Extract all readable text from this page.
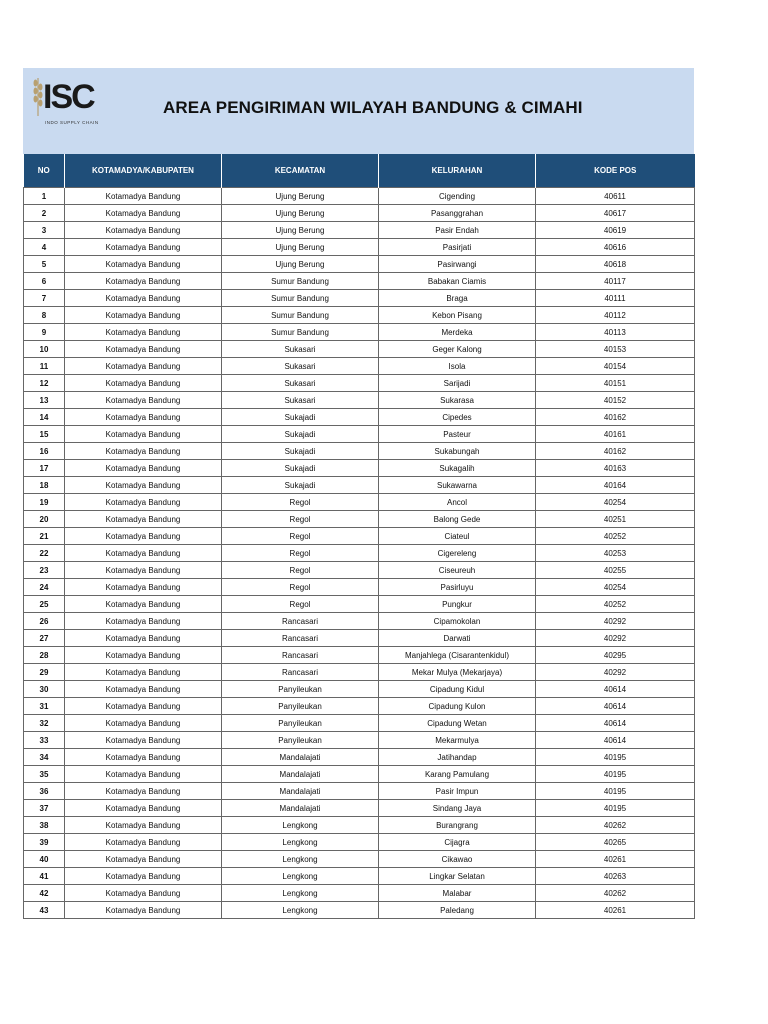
ISC
INDO SUPPLY CHAIN
AREA PENGIRIMAN WILAYAH BANDUNG & CIMAHI
NO	KOTAMADYA/KABUPATEN	KECAMATAN	KELURAHAN	KODE POS
1	Kotamadya Bandung	Ujung Berung	Cigending	40611
2	Kotamadya Bandung	Ujung Berung	Pasanggrahan	40617
3	Kotamadya Bandung	Ujung Berung	Pasir Endah	40619
4	Kotamadya Bandung	Ujung Berung	Pasirjati	40616
5	Kotamadya Bandung	Ujung Berung	Pasirwangi	40618
6	Kotamadya Bandung	Sumur Bandung	Babakan Ciamis	40117
7	Kotamadya Bandung	Sumur Bandung	Braga	40111
8	Kotamadya Bandung	Sumur Bandung	Kebon Pisang	40112
9	Kotamadya Bandung	Sumur Bandung	Merdeka	40113
10	Kotamadya Bandung	Sukasari	Geger Kalong	40153
11	Kotamadya Bandung	Sukasari	Isola	40154
12	Kotamadya Bandung	Sukasari	Sarijadi	40151
13	Kotamadya Bandung	Sukasari	Sukarasa	40152
14	Kotamadya Bandung	Sukajadi	Cipedes	40162
15	Kotamadya Bandung	Sukajadi	Pasteur	40161
16	Kotamadya Bandung	Sukajadi	Sukabungah	40162
17	Kotamadya Bandung	Sukajadi	Sukagalih	40163
18	Kotamadya Bandung	Sukajadi	Sukawarna	40164
19	Kotamadya Bandung	Regol	Ancol	40254
20	Kotamadya Bandung	Regol	Balong Gede	40251
21	Kotamadya Bandung	Regol	Ciateul	40252
22	Kotamadya Bandung	Regol	Cigereleng	40253
23	Kotamadya Bandung	Regol	Ciseureuh	40255
24	Kotamadya Bandung	Regol	Pasirluyu	40254
25	Kotamadya Bandung	Regol	Pungkur	40252
26	Kotamadya Bandung	Rancasari	Cipamokolan	40292
27	Kotamadya Bandung	Rancasari	Darwati	40292
28	Kotamadya Bandung	Rancasari	Manjahlega (Cisarantenkidul)	40295
29	Kotamadya Bandung	Rancasari	Mekar Mulya (Mekarjaya)	40292
30	Kotamadya Bandung	Panyileukan	Cipadung Kidul	40614
31	Kotamadya Bandung	Panyileukan	Cipadung Kulon	40614
32	Kotamadya Bandung	Panyileukan	Cipadung Wetan	40614
33	Kotamadya Bandung	Panyileukan	Mekarmulya	40614
34	Kotamadya Bandung	Mandalajati	Jatihandap	40195
35	Kotamadya Bandung	Mandalajati	Karang Pamulang	40195
36	Kotamadya Bandung	Mandalajati	Pasir Impun	40195
37	Kotamadya Bandung	Mandalajati	Sindang Jaya	40195
38	Kotamadya Bandung	Lengkong	Burangrang	40262
39	Kotamadya Bandung	Lengkong	Cijagra	40265
40	Kotamadya Bandung	Lengkong	Cikawao	40261
41	Kotamadya Bandung	Lengkong	Lingkar Selatan	40263
42	Kotamadya Bandung	Lengkong	Malabar	40262
43	Kotamadya Bandung	Lengkong	Paledang	40261
